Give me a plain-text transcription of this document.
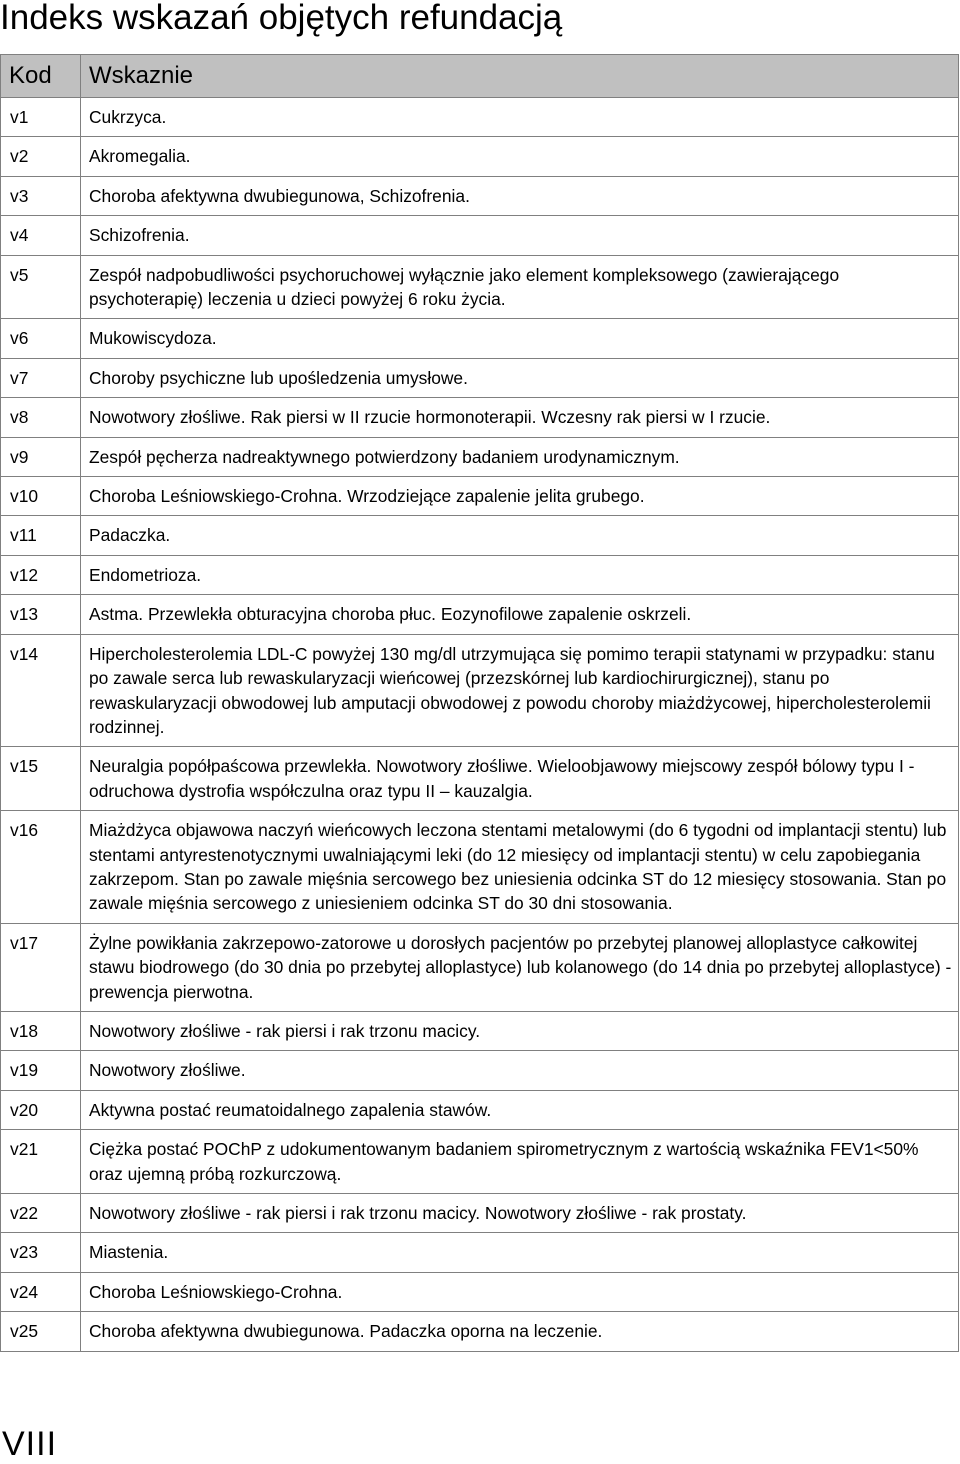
Indeks wskazań objętych refundacją
Kod	Wskaznie
v1	Cukrzyca.
v2	Akromegalia.
v3	Choroba afektywna dwubiegunowa, Schizofrenia.
v4	Schizofrenia.
v5	Zespół nadpobudliwości psychoruchowej wyłącznie jako element kompleksowego (zawierającego psychoterapię) leczenia u dzieci powyżej 6 roku życia.
v6	Mukowiscydoza.
v7	Choroby psychiczne lub upośledzenia umysłowe.
v8	Nowotwory złośliwe. Rak piersi w II rzucie hormonoterapii. Wczesny rak piersi w I rzucie.
v9	Zespół pęcherza nadreaktywnego potwierdzony badaniem urodynamicznym.
v10	Choroba Leśniowskiego-Crohna. Wrzodziejące zapalenie jelita grubego.
v11	Padaczka.
v12	Endometrioza.
v13	Astma. Przewlekła obturacyjna choroba płuc. Eozynofilowe zapalenie oskrzeli.
v14	Hipercholesterolemia LDL-C powyżej 130 mg/dl utrzymująca się pomimo terapii statynami w przypadku: stanu po zawale serca lub rewaskularyzacji wieńcowej (przezskórnej lub kardiochirurgicznej), stanu po rewaskularyzacji obwodowej lub amputacji obwodowej z powodu choroby miażdżycowej, hipercholesterolemii rodzinnej.
v15	Neuralgia popółpaścowa przewlekła. Nowotwory złośliwe. Wieloobjawowy miejscowy zespół bólowy typu I - odruchowa dystrofia współczulna oraz typu II – kauzalgia.
v16	Miażdżyca objawowa naczyń wieńcowych leczona stentami metalowymi (do 6 tygodni od implantacji stentu) lub stentami antyrestenotycznymi uwalniającymi leki (do 12 miesięcy od implantacji stentu) w celu zapobiegania zakrzepom. Stan po zawale mięśnia sercowego bez uniesienia odcinka ST do 12 miesięcy stosowania. Stan po zawale mięśnia sercowego z uniesieniem odcinka ST do 30 dni stosowania.
v17	Żylne powikłania zakrzepowo-zatorowe u dorosłych pacjentów po przebytej planowej alloplastyce całkowitej stawu biodrowego (do 30 dnia po przebytej alloplastyce) lub kolanowego (do 14 dnia po przebytej alloplastyce) - prewencja pierwotna.
v18	Nowotwory złośliwe - rak piersi i rak trzonu macicy.
v19	Nowotwory złośliwe.
v20	Aktywna postać reumatoidalnego zapalenia stawów.
v21	Ciężka postać POChP z udokumentowanym badaniem spirometrycznym z wartością wskaźnika FEV1<50% oraz ujemną próbą rozkurczową.
v22	Nowotwory złośliwe - rak piersi i rak trzonu macicy. Nowotwory złośliwe - rak prostaty.
v23	Miastenia.
v24	Choroba Leśniowskiego-Crohna.
v25	Choroba afektywna dwubiegunowa. Padaczka oporna na leczenie.
VIII
